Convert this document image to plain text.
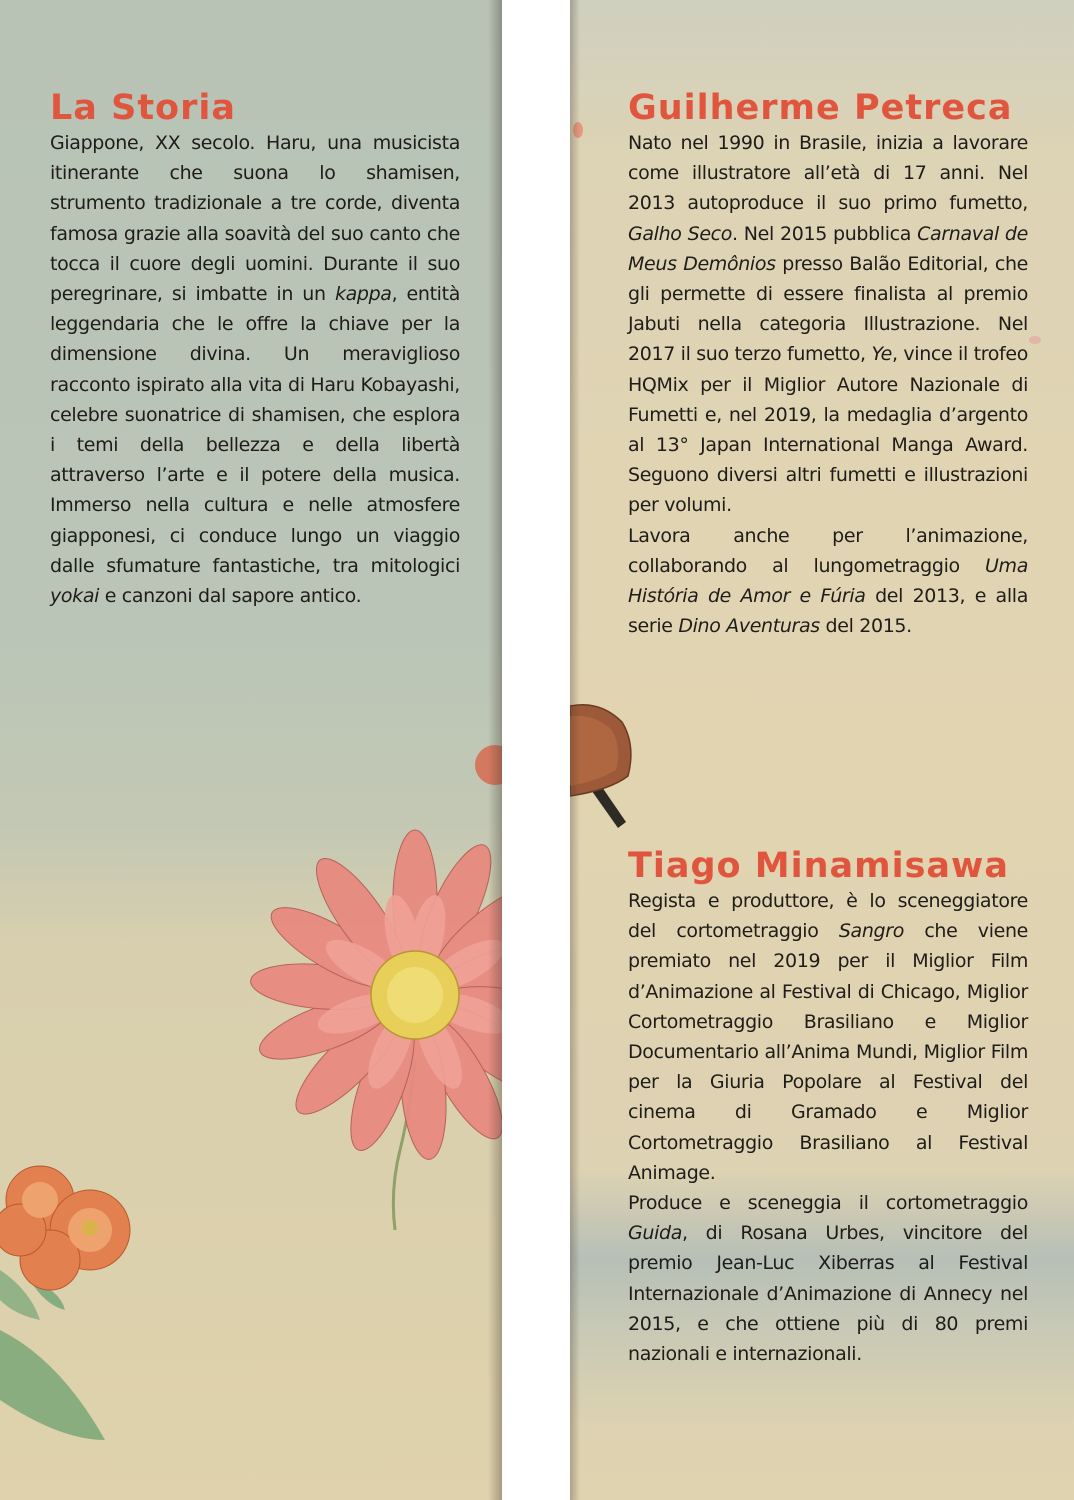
La Storia

Giappone, XX secolo. Haru, una musicista itinerante che suona lo shamisen, strumento tradizionale a tre corde, diventa famosa grazie alla soavità del suo canto che tocca il cuore degli uomini. Durante il suo peregrinare, si imbatte in un kappa, entità leggendaria che le offre la chiave per la dimensione divina. Un meraviglioso racconto ispirato alla vita di Haru Kobayashi, celebre suonatrice di shamisen, che esplora i temi della bellezza e della libertà attraverso l’arte e il potere della musica. Immerso nella cultura e nelle atmosfere giapponesi, ci conduce lungo un viaggio dalle sfumature fantastiche, tra mitologici yokai e canzoni dal sapore antico.

Guilherme Petreca

Nato nel 1990 in Brasile, inizia a lavorare come illustratore all’età di 17 anni. Nel 2013 autoproduce il suo primo fumetto, Galho Seco. Nel 2015 pubblica Carnaval de Meus Demônios presso Balão Editorial, che gli permette di essere finalista al premio Jabuti nella categoria Illustrazione. Nel 2017 il suo terzo fumetto, Ye, vince il trofeo HQMix per il Miglior Autore Nazionale di Fumetti e, nel 2019, la medaglia d’argento al 13° Japan International Manga Award. Seguono diversi altri fumetti e illustrazioni per volumi.

Lavora anche per l’animazione, collaborando al lungometraggio Uma História de Amor e Fúria del 2013, e alla serie Dino Aventuras del 2015.

Tiago Minamisawa

Regista e produttore, è lo sceneggiatore del cortometraggio Sangro che viene premiato nel 2019 per il Miglior Film d’Animazione al Festival di Chicago, Miglior Cortometraggio Brasiliano e Miglior Documentario all’Anima Mundi, Miglior Film per la Giuria Popolare al Festival del cinema di Gramado e Miglior Cortometraggio Brasiliano al Festival Animage.

Produce e sceneggia il cortometraggio Guida, di Rosana Urbes, vincitore del premio Jean-Luc Xiberras al Festival Internazionale d’Animazione di Annecy nel 2015, e che ottiene più di 80 premi nazionali e internazionali.
